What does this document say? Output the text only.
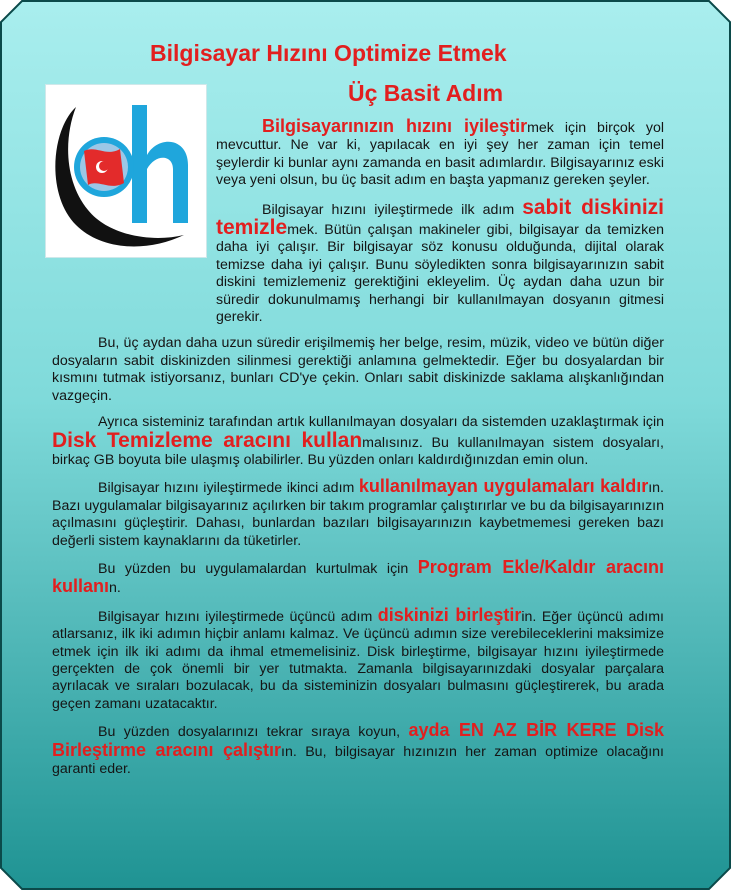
Bilgisayar Hızını Optimize Etmek
Üç Basit Adım

Bilgisayarınızın hızını iyileştirmek için birçok yol mevcuttur. Ne var ki, yapılacak en iyi şey her zaman için temel şeylerdir ki bunlar aynı zamanda en basit adımlardır. Bilgisayarınız eski veya yeni olsun, bu üç basit adım en başta yapmanız gereken şeyler.

Bilgisayar hızını iyileştirmede ilk adım sabit diskinizi temizlemek. Bütün çalışan makineler gibi, bilgisayar da temizken daha iyi çalışır. Bir bilgisayar söz konusu olduğunda, dijital olarak temizse daha iyi çalışır. Bunu söyledikten sonra bilgisayarınızın sabit diskini temizlemeniz gerektiğini ekleyelim. Üç aydan daha uzun bir süredir dokunulmamış herhangi bir kullanılmayan dosyanın gitmesi gerekir.

Bu, üç aydan daha uzun süredir erişilmemiş her belge, resim, müzik, video ve bütün diğer dosyaların sabit diskinizden silinmesi gerektiği anlamına gelmektedir. Eğer bu dosyalardan bir kısmını tutmak istiyorsanız, bunları CD'ye çekin. Onları sabit diskinizde saklama alışkanlığından vazgeçin.

Ayrıca sisteminiz tarafından artık kullanılmayan dosyaları da sistemden uzaklaştırmak için Disk Temizleme aracını kullanmalısınız. Bu kullanılmayan sistem dosyaları, birkaç GB boyuta bile ulaşmış olabilirler. Bu yüzden onları kaldırdığınızdan emin olun.

Bilgisayar hızını iyileştirmede ikinci adım kullanılmayan uygulamaları kaldırın. Bazı uygulamalar bilgisayarınız açılırken bir takım programlar çalıştırırlar ve bu da bilgisayarınızın açılmasını güçleştirir. Dahası, bunlardan bazıları bilgisayarınızın kaybetmemesi gereken bazı değerli sistem kaynaklarını da tüketirler.

Bu yüzden bu uygulamalardan kurtulmak için Program Ekle/Kaldır aracını kullanın.

Bilgisayar hızını iyileştirmede üçüncü adım diskinizi birleştirin. Eğer üçüncü adımı atlarsanız, ilk iki adımın hiçbir anlamı kalmaz. Ve üçüncü adımın size verebileceklerini maksimize etmek için ilk iki adımı da ihmal etmemelisiniz. Disk birleştirme, bilgisayar hızını iyileştirmede gerçekten de çok önemli bir yer tutmakta. Zamanla bilgisayarınızdaki dosyalar parçalara ayrılacak ve sıraları bozulacak, bu da sisteminizin dosyaları bulmasını güçleştirerek, bu arada geçen zamanı uzatacaktır.

Bu yüzden dosyalarınızı tekrar sıraya koyun, ayda EN AZ BİR KERE Disk Birleştirme aracını çalıştırın. Bu, bilgisayar hızınızın her zaman optimize olacağını garanti eder.
